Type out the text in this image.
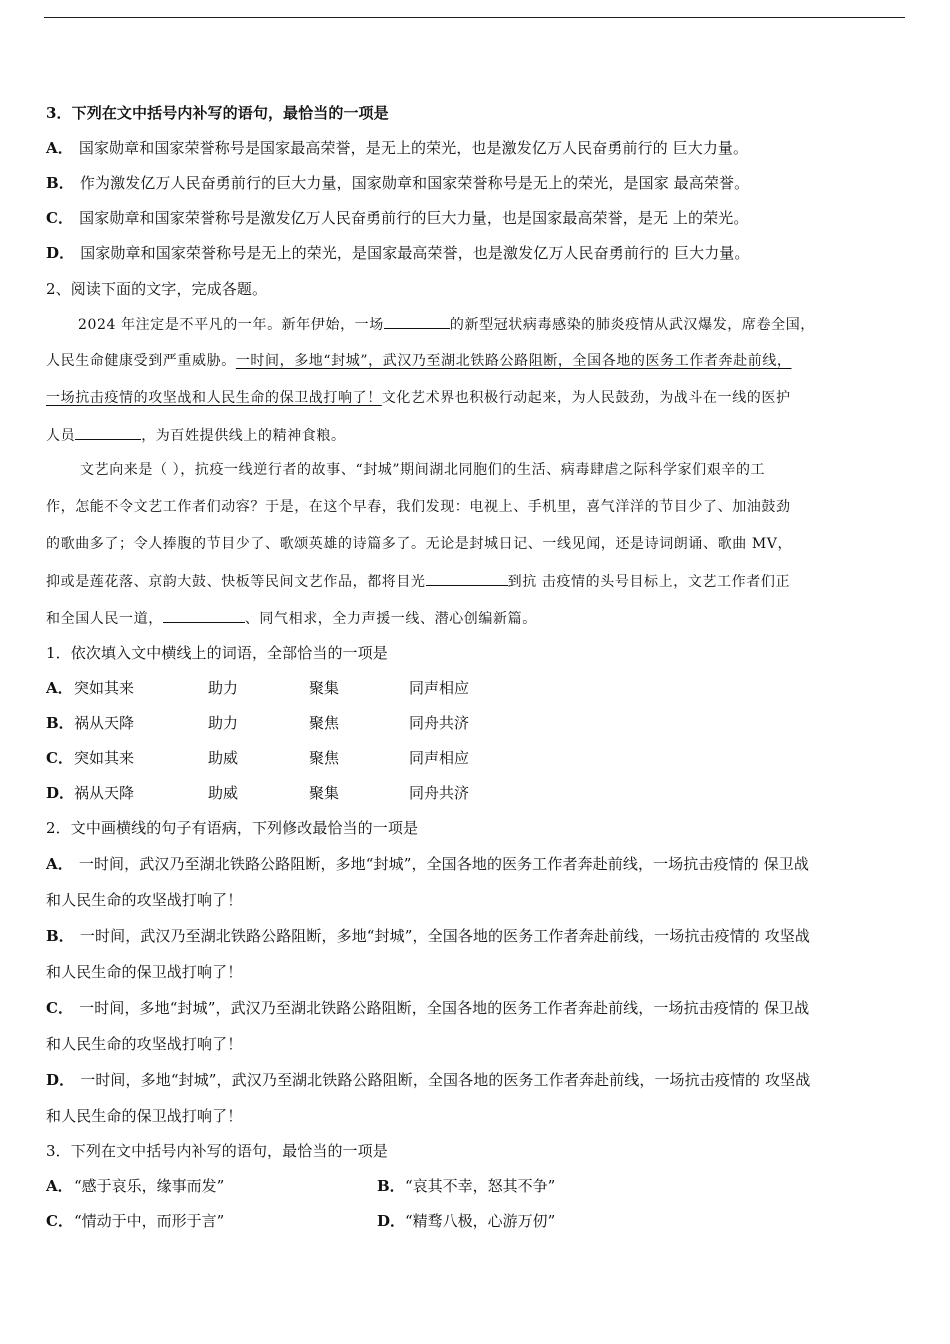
3．下列在文中括号内补写的语句，最恰当的一项是
A． 国家勋章和国家荣誉称号是国家最高荣誉，是无上的荣光，也是激发亿万人民奋勇前行的 巨大力量。
B． 作为激发亿万人民奋勇前行的巨大力量，国家勋章和国家荣誉称号是无上的荣光，是国家 最高荣誉。
C． 国家勋章和国家荣誉称号是激发亿万人民奋勇前行的巨大力量，也是国家最高荣誉，是无 上的荣光。
D． 国家勋章和国家荣誉称号是无上的荣光，是国家最高荣誉，也是激发亿万人民奋勇前行的 巨大力量。
2、阅读下面的文字，完成各题。
2024 年注定是不平凡的一年。新年伊始，一场	的新型冠状病毒感染的肺炎疫情从武汉爆发，席卷全国，
人民生命健康受到严重威胁。一时间，多地“封城”，武汉乃至湖北铁路公路阻断，全国各地的医务工作者奔赴前线，
一场抗击疫情的攻坚战和人民生命的保卫战打响了！文化艺术界也积极行动起来，为人民鼓劲，为战斗在一线的医护
人员	，为百姓提供线上的精神食粮。
文艺向来是（ ），抗疫一线逆行者的故事、“封城”期间湖北同胞们的生活、病毒肆虐之际科学家们艰辛的工
作，怎能不令文艺工作者们动容？于是，在这个早春，我们发现：电视上、手机里，喜气洋洋的节目少了、加油鼓劲
的歌曲多了；令人捧腹的节目少了、歌颂英雄的诗篇多了。无论是封城日记、一线见闻，还是诗词朗诵、歌曲 MV，
抑或是莲花落、京韵大鼓、快板等民间文艺作品，都将目光	到抗 击疫情的头号目标上，文艺工作者们正
和全国人民一道，	、同气相求，全力声援一线、潜心创编新篇。
1．依次填入文中横线上的词语，全部恰当的一项是
A． 突如其来	助力	聚集	同声相应
B． 祸从天降	助力	聚焦	同舟共济
C． 突如其来	助威	聚焦	同声相应
D． 祸从天降	助威	聚集	同舟共济
2．文中画横线的句子有语病，下列修改最恰当的一项是
A． 一时间，武汉乃至湖北铁路公路阻断，多地“封城”，全国各地的医务工作者奔赴前线，一场抗击疫情的 保卫战
和人民生命的攻坚战打响了！
B． 一时间，武汉乃至湖北铁路公路阻断，多地“封城”，全国各地的医务工作者奔赴前线，一场抗击疫情的 攻坚战
和人民生命的保卫战打响了！
C． 一时间，多地“封城”，武汉乃至湖北铁路公路阻断，全国各地的医务工作者奔赴前线，一场抗击疫情的 保卫战
和人民生命的攻坚战打响了！
D． 一时间，多地“封城”，武汉乃至湖北铁路公路阻断，全国各地的医务工作者奔赴前线，一场抗击疫情的 攻坚战
和人民生命的保卫战打响了！
3．下列在文中括号内补写的语句，最恰当的一项是
A． “感于哀乐，缘事而发”	B． “哀其不幸，怒其不争”
C． “情动于中，而形于言”	D． “精骛八极，心游万仞”
